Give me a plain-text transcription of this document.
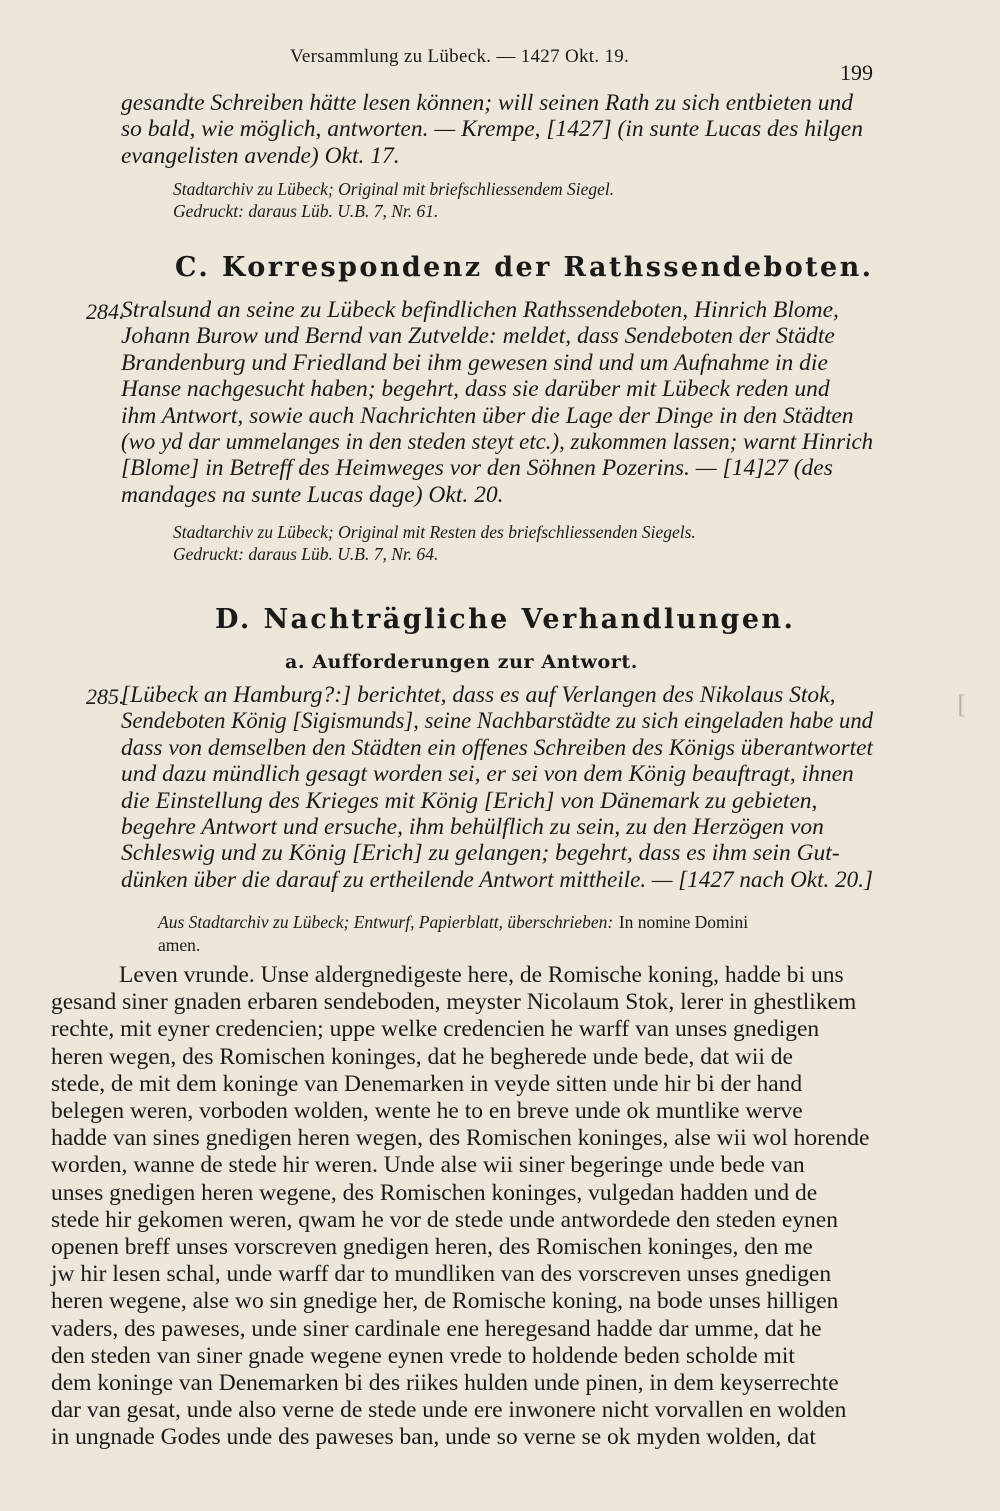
Versammlung zu Lübeck. — 1427 Okt. 19.
199
gesandte Schreiben hätte lesen können; will seinen Rath zu sich entbieten und
so bald, wie möglich, antworten. — Krempe, [1427] (in sunte Lucas des hilgen
evangelisten avende) Okt. 17.
Stadtarchiv zu Lübeck; Original mit briefschliessendem Siegel.
Gedruckt: daraus Lüb. U.B. 7, Nr. 61.
C. Korrespondenz der Rathssendeboten.
284.
Stralsund an seine zu Lübeck befindlichen Rathssendeboten, Hinrich Blome,
Johann Burow und Bernd van Zutvelde: meldet, dass Sendeboten der Städte
Brandenburg und Friedland bei ihm gewesen sind und um Aufnahme in die
Hanse nachgesucht haben; begehrt, dass sie darüber mit Lübeck reden und
ihm Antwort, sowie auch Nachrichten über die Lage der Dinge in den Städten
(wo yd dar ummelanges in den steden steyt etc.), zukommen lassen; warnt Hinrich
[Blome] in Betreff des Heimweges vor den Söhnen Pozerins. — [14]27 (des
mandages na sunte Lucas dage) Okt. 20.
Stadtarchiv zu Lübeck; Original mit Resten des briefschliessenden Siegels.
Gedruckt: daraus Lüb. U.B. 7, Nr. 64.
D. Nachträgliche Verhandlungen.
a. Aufforderungen zur Antwort.
285.
[Lübeck an Hamburg?:] berichtet, dass es auf Verlangen des Nikolaus Stok,
Sendeboten König [Sigismunds], seine Nachbarstädte zu sich eingeladen habe und
dass von demselben den Städten ein offenes Schreiben des Königs überantwortet
und dazu mündlich gesagt worden sei, er sei von dem König beauftragt, ihnen
die Einstellung des Krieges mit König [Erich] von Dänemark zu gebieten,
begehre Antwort und ersuche, ihm behülflich zu sein, zu den Herzögen von
Schleswig und zu König [Erich] zu gelangen; begehrt, dass es ihm sein Gut-
dünken über die darauf zu ertheilende Antwort mittheile. — [1427 nach Okt. 20.]
Aus Stadtarchiv zu Lübeck; Entwurf, Papierblatt, überschrieben: In nomine Domini
amen.
Leven vrunde. Unse aldergnedigeste here, de Romische koning, hadde bi uns
gesand siner gnaden erbaren sendeboden, meyster Nicolaum Stok, lerer in ghestlikem
rechte, mit eyner credencien; uppe welke credencien he warff van unses gnedigen
heren wegen, des Romischen koninges, dat he begherede unde bede, dat wii de
stede, de mit dem koninge van Denemarken in veyde sitten unde hir bi der hand
belegen weren, vorboden wolden, wente he to en breve unde ok muntlike werve
hadde van sines gnedigen heren wegen, des Romischen koninges, alse wii wol horende
worden, wanne de stede hir weren. Unde alse wii siner begeringe unde bede van
unses gnedigen heren wegene, des Romischen koninges, vulgedan hadden und de
stede hir gekomen weren, qwam he vor de stede unde antwordede den steden eynen
openen breff unses vorscreven gnedigen heren, des Romischen koninges, den me
jw hir lesen schal, unde warff dar to mundliken van des vorscreven unses gnedigen
heren wegene, alse wo sin gnedige her, de Romische koning, na bode unses hilligen
vaders, des paweses, unde siner cardinale ene heregesand hadde dar umme, dat he
den steden van siner gnade wegene eynen vrede to holdende beden scholde mit
dem koninge van Denemarken bi des riikes hulden unde pinen, in dem keyserrechte
dar van gesat, unde also verne de stede unde ere inwonere nicht vorvallen en wolden
in ungnade Godes unde des paweses ban, unde so verne se ok myden wolden, dat
[
